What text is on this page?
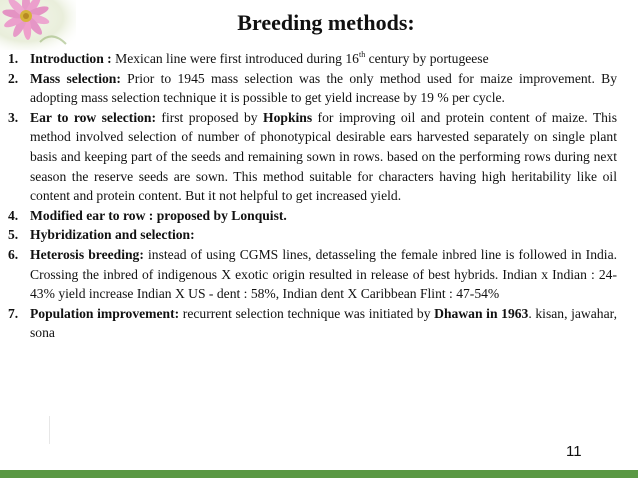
Breeding methods:
1. Introduction : Mexican line were first introduced during 16th century by portugeese
2. Mass selection: Prior to 1945 mass selection was the only method used for maize improvement. By adopting mass selection technique it is possible to get yield increase by 19 % per cycle.
3. Ear to row selection: first proposed by Hopkins for improving oil and protein content of maize. This method involved selection of number of phonotypical desirable ears harvested separately on single plant basis and keeping part of the seeds and remaining sown in rows. based on the performing rows during next season the reserve seeds are sown. This method suitable for characters having high heritability like oil content and protein content. But it not helpful to get increased yield.
4. Modified ear to row : proposed by Lonquist.
5. Hybridization and selection:
6. Heterosis breeding: instead of using CGMS lines, detasseling the female inbred line is followed in India. Crossing the inbred of indigenous X exotic origin resulted in release of best hybrids. Indian x Indian : 24-43% yield increase Indian X US - dent : 58%, Indian dent X Caribbean Flint : 47-54%
7. Population improvement: recurrent selection technique was initiated by Dhawan in 1963. kisan, jawahar, sona
11
